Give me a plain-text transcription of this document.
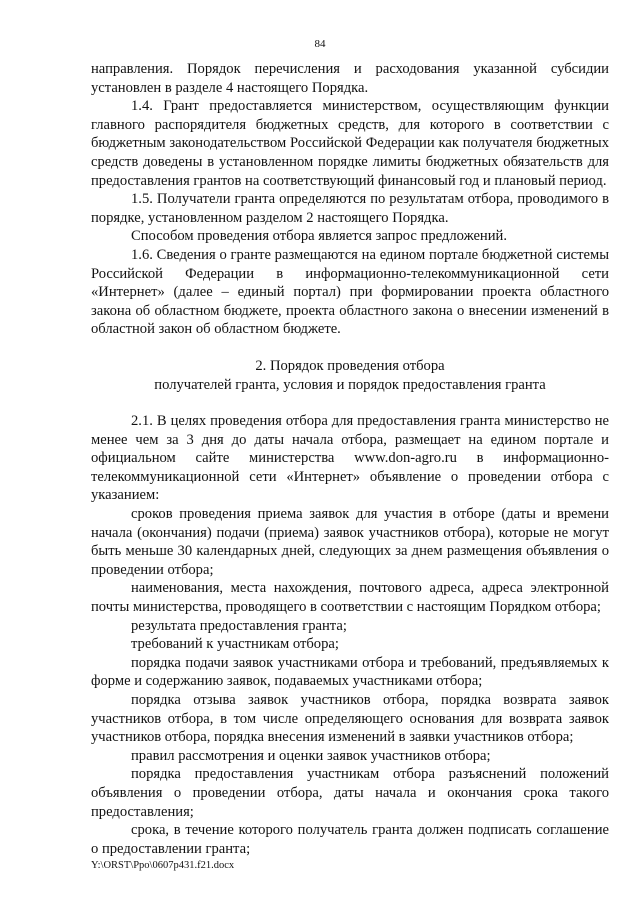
84

направления. Порядок перечисления и расходования указанной субсидии установлен в разделе 4 настоящего Порядка.

1.4. Грант предоставляется министерством, осуществляющим функции главного распорядителя бюджетных средств, для которого в соответствии с бюджетным законодательством Российской Федерации как получателя бюджетных средств доведены в установленном порядке лимиты бюджетных обязательств для предоставления грантов на соответствующий финансовый год и плановый период.

1.5. Получатели гранта определяются по результатам отбора, проводимого в порядке, установленном разделом 2 настоящего Порядка.

Способом проведения отбора является запрос предложений.

1.6. Сведения о гранте размещаются на едином портале бюджетной системы Российской Федерации в информационно-телекоммуникационной сети «Интернет» (далее – единый портал) при формировании проекта областного закона об областном бюджете, проекта областного закона о внесении изменений в областной закон об областном бюджете.

2. Порядок проведения отбора
получателей гранта, условия и порядок предоставления гранта

2.1. В целях проведения отбора для предоставления гранта министерство не менее чем за 3 дня до даты начала отбора, размещает на едином портале и официальном сайте министерства www.don-agro.ru в информационно-телекоммуникационной сети «Интернет» объявление о проведении отбора с указанием:

сроков проведения приема заявок для участия в отборе (даты и времени начала (окончания) подачи (приема) заявок участников отбора), которые не могут быть меньше 30 календарных дней, следующих за днем размещения объявления о проведении отбора;

наименования, места нахождения, почтового адреса, адреса электронной почты министерства, проводящего в соответствии с настоящим Порядком отбора;

результата предоставления гранта;

требований к участникам отбора;

порядка подачи заявок участниками отбора и требований, предъявляемых к форме и содержанию заявок, подаваемых участниками отбора;

порядка отзыва заявок участников отбора, порядка возврата заявок участников отбора, в том числе определяющего основания для возврата заявок участников отбора, порядка внесения изменений в заявки участников отбора;

правил рассмотрения и оценки заявок участников отбора;

порядка предоставления участникам отбора разъяснений положений объявления о проведении отбора, даты начала и окончания срока такого предоставления;

срока, в течение которого получатель гранта должен подписать соглашение о предоставлении гранта;

Y:\ORST\Ppo\0607p431.f21.docx
